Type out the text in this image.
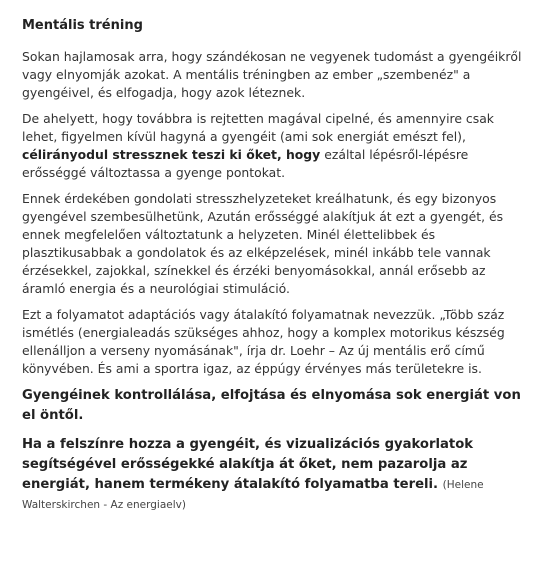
Mentális tréning

Sokan hajlamosak arra, hogy szándékosan ne vegyenek tudomást a gyengéikről vagy elnyomják azokat. A mentális tréningben az ember „szembenéz" a gyengéivel, és elfogadja, hogy azok léteznek.

De ahelyett, hogy továbbra is rejtetten magával cipelné, és amennyire csak lehet, figyelmen kívül hagyná a gyengéit (ami sok energiát emészt fel), célirányodul stressznek teszi ki őket, hogy ezáltal lépésről-lépésre erősséggé változtassa a gyenge pontokat.

Ennek érdekében gondolati stresszhelyzeteket kreálhatunk, és egy bizonyos gyengével szembesülhetünk, Azután erősséggé alakítjuk át ezt a gyengét, és ennek megfelelően változtatunk a helyzeten. Minél élettelibbek és plasztikusabbak a gondolatok és az elképzelések, minél inkább tele vannak érzésekkel, zajokkal, színekkel és érzéki benyomásokkal, annál erősebb az áramló energia és a neurológiai stimuláció.

Ezt a folyamatot adaptációs vagy átalakító folyamatnak nevezzük. „Több száz ismétlés (energialeadás szükséges ahhoz, hogy a komplex motorikus készség ellenálljon a verseny nyomásának", írja dr. Loehr – Az új mentális erő című könyvében. És ami a sportra igaz, az éppúgy érvényes más területekre is.

Gyengéinek kontrollálása, elfojtása és elnyomása sok energiát von el öntől.

Ha a felszínre hozza a gyengéit, és vizualizációs gyakorlatok segítségével erősségekké alakítja át őket, nem pazarolja az energiát, hanem termékeny átalakító folyamatba tereli. (Helene Walterskirchen - Az energiaelv)
